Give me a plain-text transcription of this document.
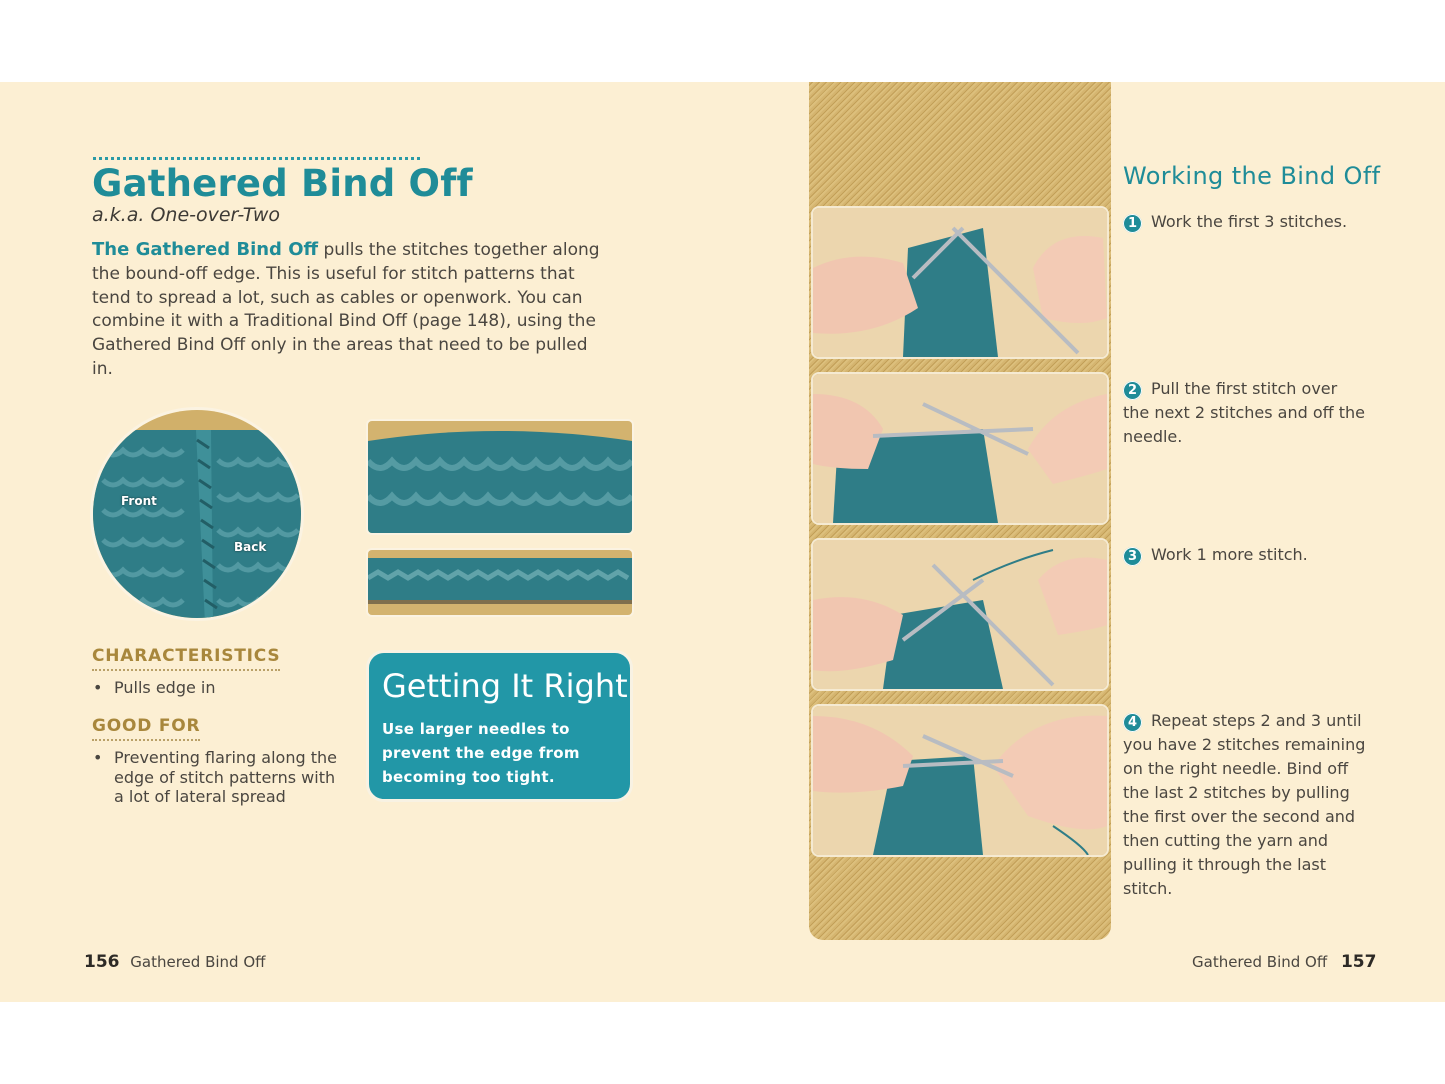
Gathered Bind Off
a.k.a. One-over-Two
The Gathered Bind Off pulls the stitches together along the bound-off edge. This is useful for stitch patterns that tend to spread a lot, such as cables or openwork. You can combine it with a Traditional Bind Off (page 148), using the Gathered Bind Off only in the areas that need to be pulled in.
Front
Back
CHARACTERISTICS
• Pulls edge in
GOOD FOR
• Preventing flaring along the edge of stitch patterns with a lot of lateral spread
Getting It Right
Use larger needles to prevent the edge from becoming too tight.
156 Gathered Bind Off
Working the Bind Off
1 Work the first 3 stitches.
2 Pull the first stitch over the next 2 stitches and off the needle.
3 Work 1 more stitch.
4 Repeat steps 2 and 3 until you have 2 stitches remaining on the right needle. Bind off the last 2 stitches by pulling the first over the second and then cutting the yarn and pulling it through the last stitch.
Gathered Bind Off 157
